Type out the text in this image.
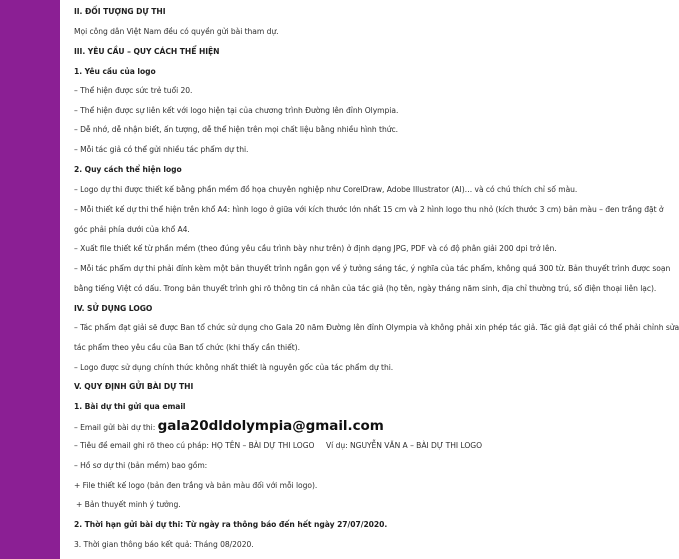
II. ĐỐI TƯỢNG DỰ THI
Mọi công dân Việt Nam đều có quyền gửi bài tham dự.
III. YÊU CẦU – QUY CÁCH THỂ HIỆN
1. Yêu cầu của logo
– Thể hiện được sức trẻ tuổi 20.
– Thể hiện được sự liên kết với logo hiện tại của chương trình Đường lên đỉnh Olympia.
– Dễ nhớ, dễ nhận biết, ấn tượng, dễ thể hiện trên mọi chất liệu bằng nhiều hình thức.
– Mỗi tác giả có thể gửi nhiều tác phẩm dự thi.
2. Quy cách thể hiện logo
– Logo dự thi được thiết kế bằng phần mềm đồ họa chuyên nghiệp như CorelDraw, Adobe Illustrator (AI)… và có chú thích chỉ số màu.
– Mỗi thiết kế dự thi thể hiện trên khổ A4: hình logo ở giữa với kích thước lớn nhất 15 cm và 2 hình logo thu nhỏ (kích thước 3 cm) bản màu – đen trắng đặt ở
góc phải phía dưới của khổ A4.
– Xuất file thiết kế từ phần mềm (theo đúng yêu cầu trình bày như trên) ở định dạng JPG, PDF và có độ phân giải 200 dpi trở lên.
– Mỗi tác phẩm dự thi phải đính kèm một bản thuyết trình ngắn gọn về ý tưởng sáng tác, ý nghĩa của tác phẩm, không quá 300 từ. Bản thuyết trình được soạn
bằng tiếng Việt có dấu. Trong bản thuyết trình ghi rõ thông tin cá nhân của tác giả (họ tên, ngày tháng năm sinh, địa chỉ thường trú, số điện thoại liên lạc).
IV. SỬ DỤNG LOGO
– Tác phẩm đạt giải sẽ được Ban tổ chức sử dụng cho Gala 20 năm Đường lên đỉnh Olympia và không phải xin phép tác giả. Tác giả đạt giải có thể phải chỉnh sửa
tác phẩm theo yêu cầu của Ban tổ chức (khi thấy cần thiết).
– Logo được sử dụng chính thức không nhất thiết là nguyên gốc của tác phẩm dự thi.
V. QUY ĐỊNH GỬI BÀI DỰ THI
1. Bài dự thi gửi qua email
– Email gửi bài dự thi: gala20dldolympia@gmail.com
– Tiêu đề email ghi rõ theo cú pháp: HỌ TÊN – BÀI DỰ THI LOGO Ví dụ: NGUYỄN VĂN A – BÀI DỰ THI LOGO
– Hồ sơ dự thi (bản mềm) bao gồm:
+ File thiết kế logo (bản đen trắng và bản màu đối với mỗi logo).
+ Bản thuyết minh ý tưởng.
2. Thời hạn gửi bài dự thi: Từ ngày ra thông báo đến hết ngày 27/07/2020.
3. Thời gian thông báo kết quả: Tháng 08/2020.
